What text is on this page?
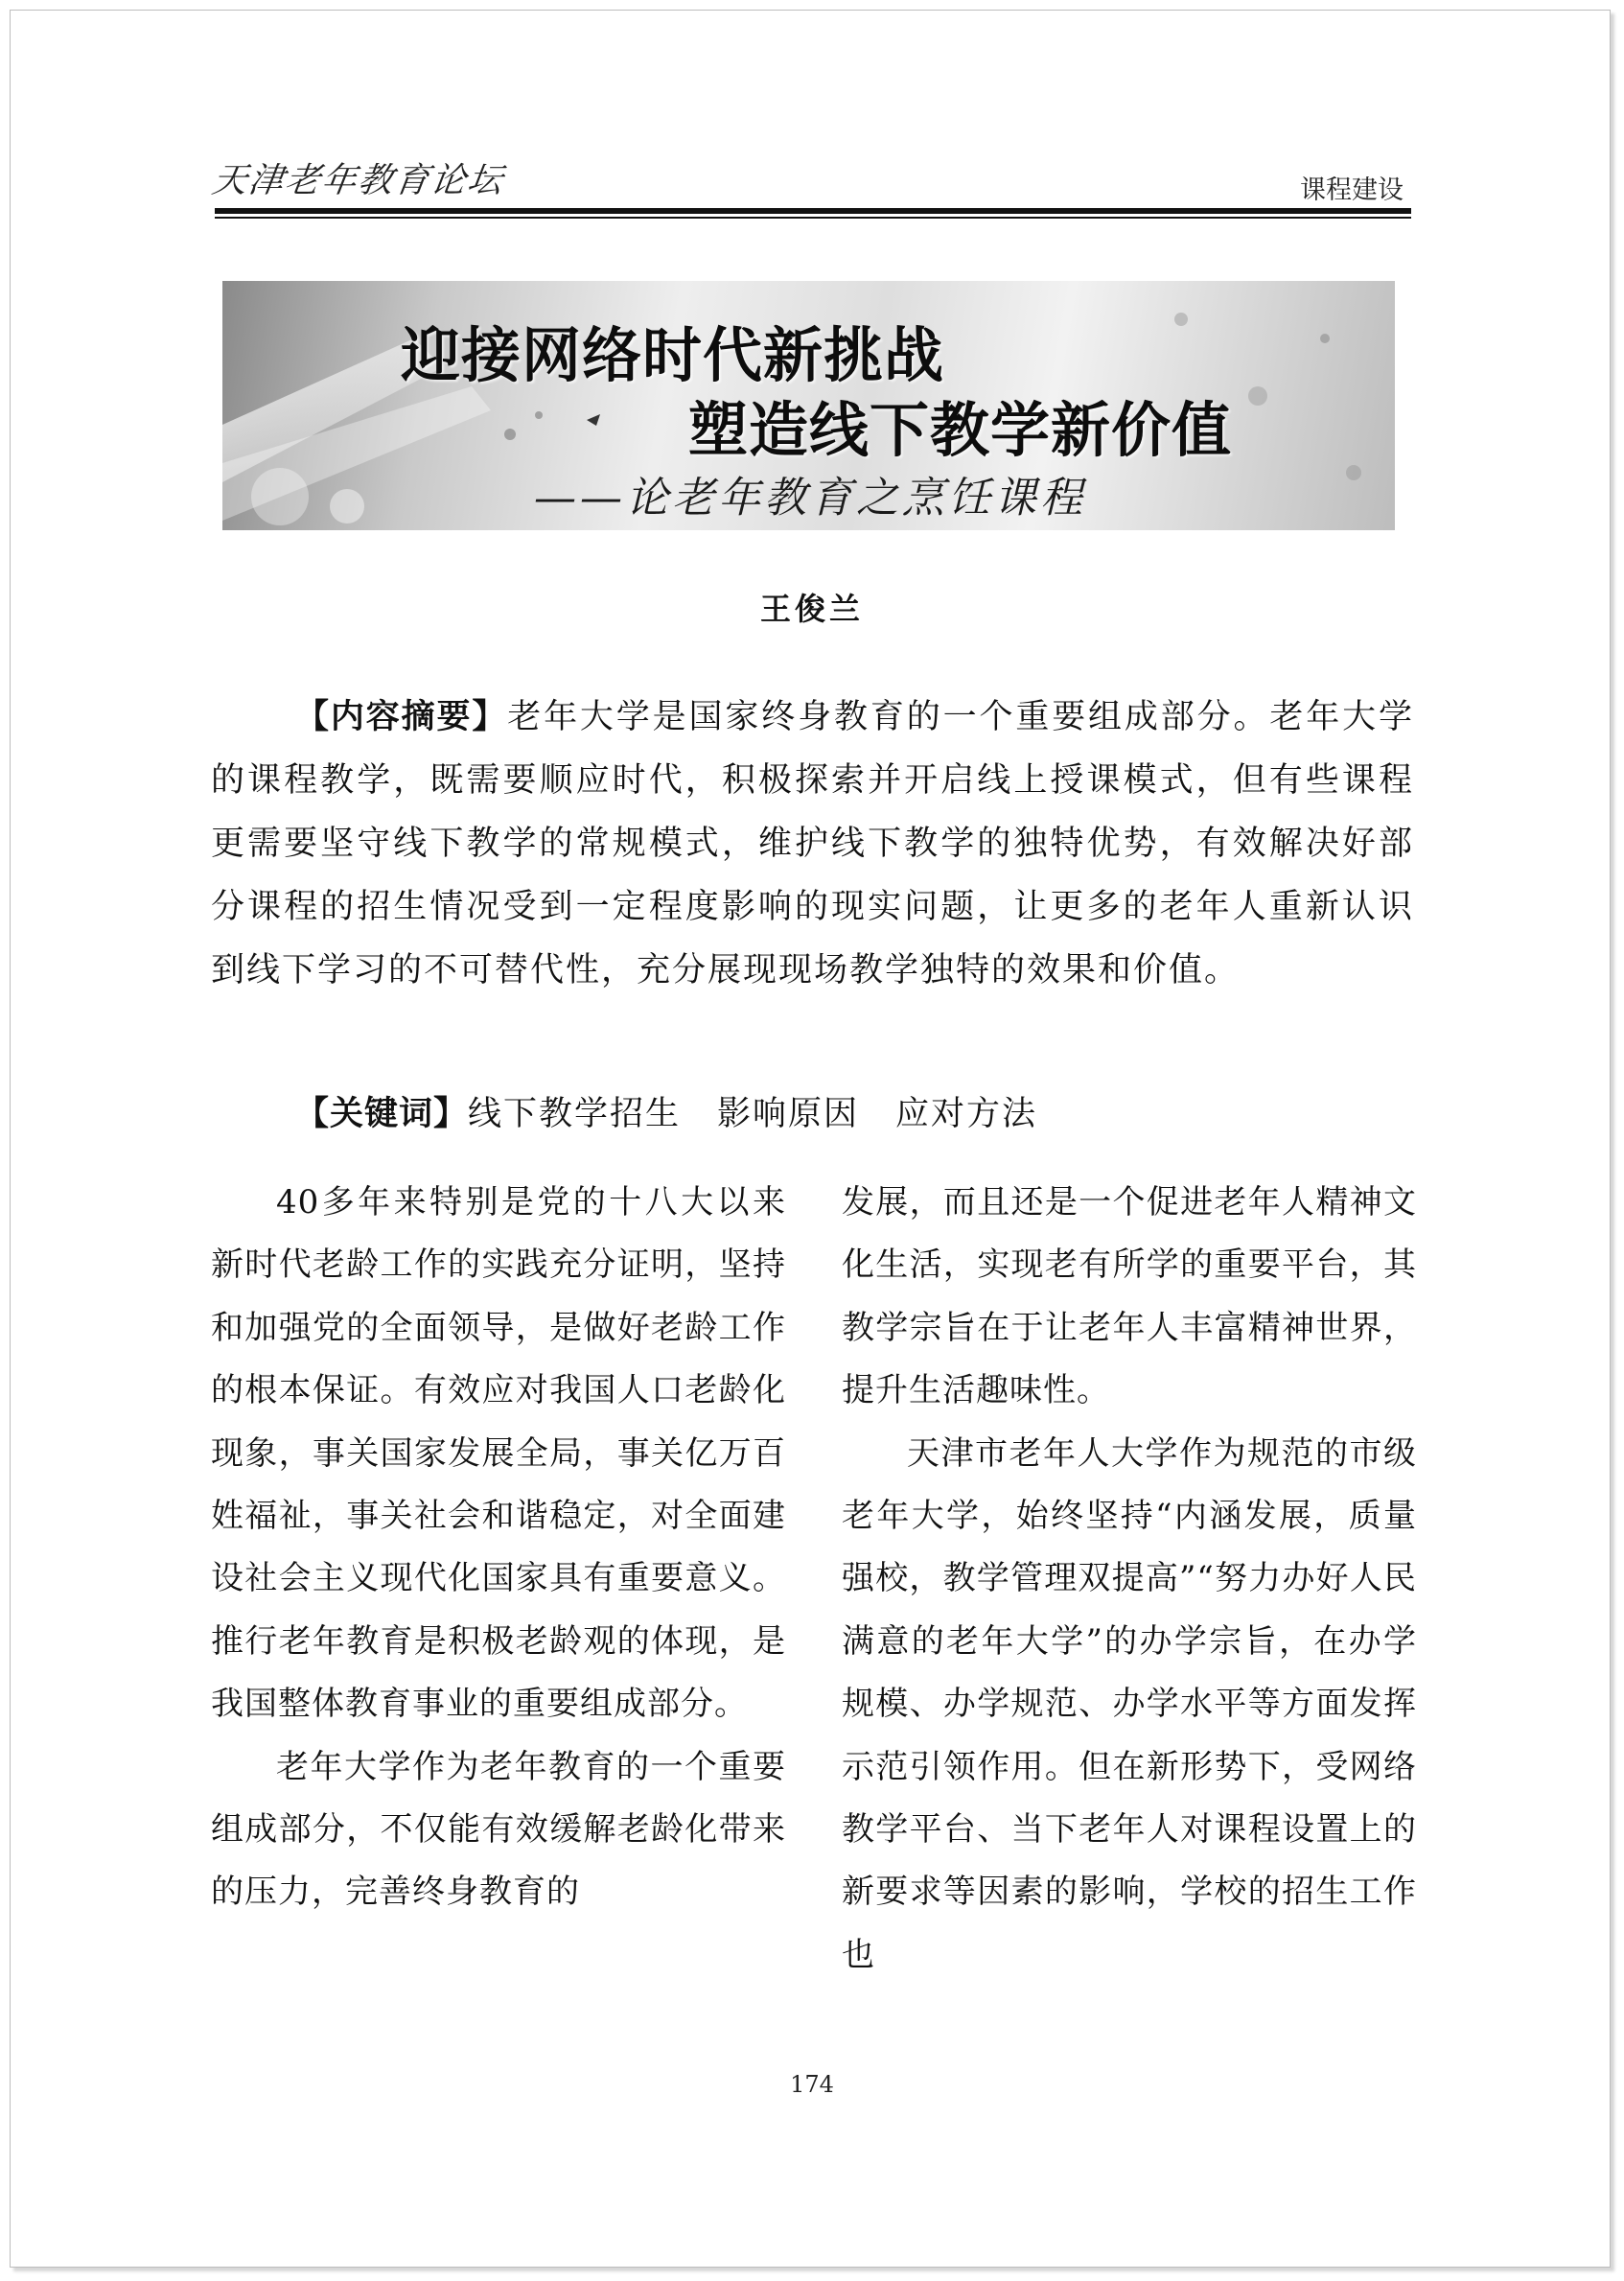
天津老年教育论坛	课程建设
迎接网络时代新挑战
塑造线下教学新价值
——论老年教育之烹饪课程
王俊兰

【内容摘要】老年大学是国家终身教育的一个重要组成部分。老年大学的课程教学，既需要顺应时代，积极探索并开启线上授课模式，但有些课程更需要坚守线下教学的常规模式，维护线下教学的独特优势，有效解决好部分课程的招生情况受到一定程度影响的现实问题，让更多的老年人重新认识到线下学习的不可替代性，充分展现现场教学独特的效果和价值。

【关键词】线下教学招生 影响原因 应对方法

40多年来特别是党的十八大以来新时代老龄工作的实践充分证明，坚持和加强党的全面领导，是做好老龄工作的根本保证。有效应对我国人口老龄化现象，事关国家发展全局，事关亿万百姓福祉，事关社会和谐稳定，对全面建设社会主义现代化国家具有重要意义。推行老年教育是积极老龄观的体现，是我国整体教育事业的重要组成部分。

老年大学作为老年教育的一个重要组成部分，不仅能有效缓解老龄化带来的压力，完善终身教育的

发展，而且还是一个促进老年人精神文化生活，实现老有所学的重要平台，其教学宗旨在于让老年人丰富精神世界，提升生活趣味性。

天津市老年人大学作为规范的市级老年大学，始终坚持“内涵发展，质量强校，教学管理双提高”“努力办好人民满意的老年大学”的办学宗旨，在办学规模、办学规范、办学水平等方面发挥示范引领作用。但在新形势下，受网络教学平台、当下老年人对课程设置上的新要求等因素的影响，学校的招生工作也

174
